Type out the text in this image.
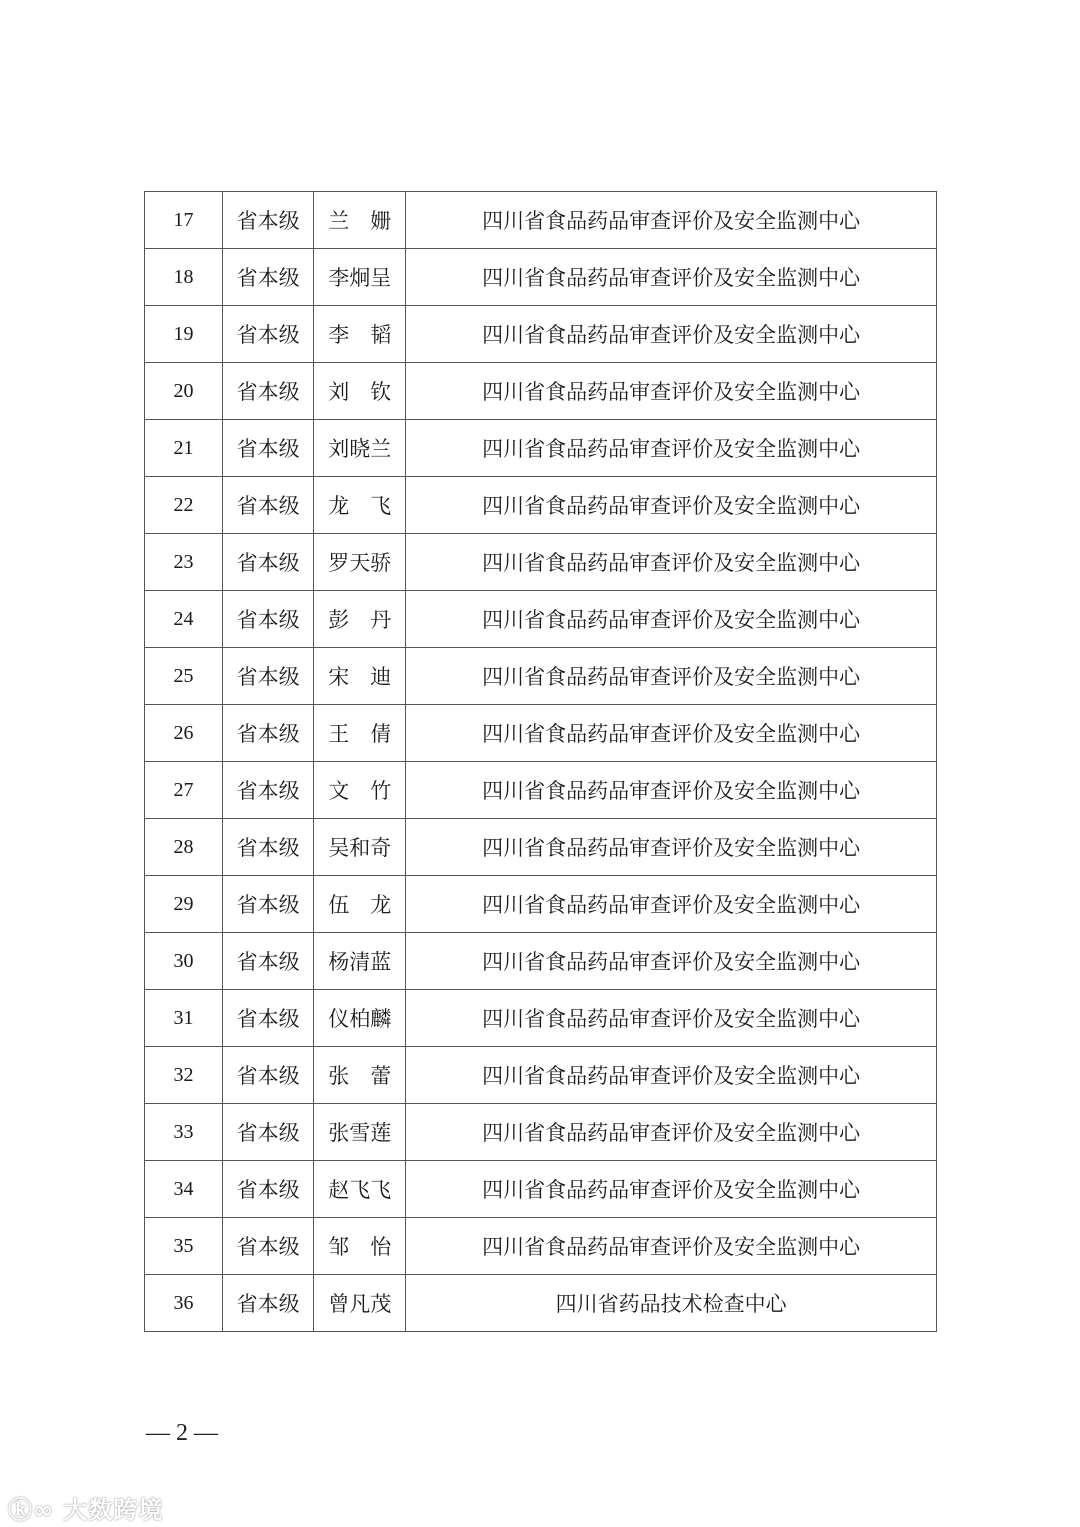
17	省本级	兰　姗	四川省食品药品审查评价及安全监测中心
18	省本级	李炯呈	四川省食品药品审查评价及安全监测中心
19	省本级	李　韬	四川省食品药品审查评价及安全监测中心
20	省本级	刘　钦	四川省食品药品审查评价及安全监测中心
21	省本级	刘晓兰	四川省食品药品审查评价及安全监测中心
22	省本级	龙　飞	四川省食品药品审查评价及安全监测中心
23	省本级	罗天骄	四川省食品药品审查评价及安全监测中心
24	省本级	彭　丹	四川省食品药品审查评价及安全监测中心
25	省本级	宋　迪	四川省食品药品审查评价及安全监测中心
26	省本级	王　倩	四川省食品药品审查评价及安全监测中心
27	省本级	文　竹	四川省食品药品审查评价及安全监测中心
28	省本级	吴和奇	四川省食品药品审查评价及安全监测中心
29	省本级	伍　龙	四川省食品药品审查评价及安全监测中心
30	省本级	杨清蓝	四川省食品药品审查评价及安全监测中心
31	省本级	仪柏麟	四川省食品药品审查评价及安全监测中心
32	省本级	张　蕾	四川省食品药品审查评价及安全监测中心
33	省本级	张雪莲	四川省食品药品审查评价及安全监测中心
34	省本级	赵飞飞	四川省食品药品审查评价及安全监测中心
35	省本级	邹　怡	四川省食品药品审查评价及安全监测中心
36	省本级	曾凡茂	四川省药品技术检查中心
— 2 —
ⓚ∞ 大数跨境
